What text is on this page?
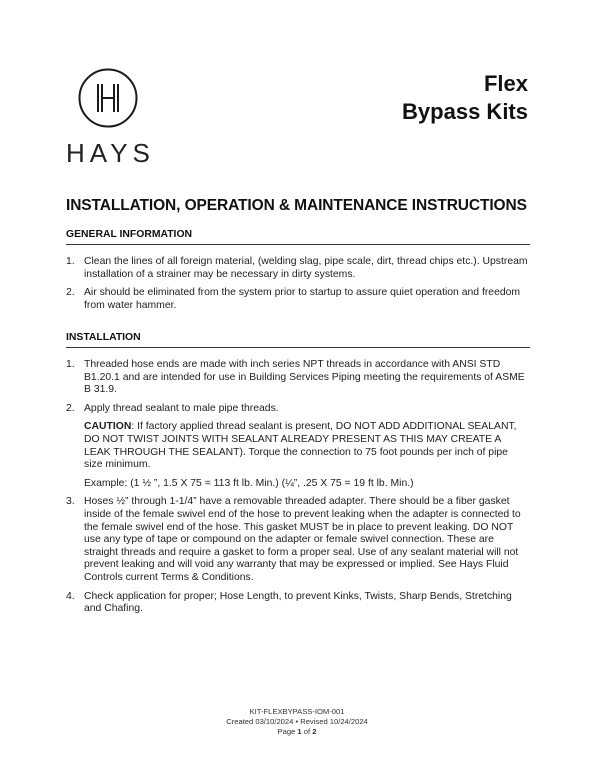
HAYS
Flex
Bypass Kits
INSTALLATION, OPERATION & MAINTENANCE INSTRUCTIONS
GENERAL INFORMATION
1. Clean the lines of all foreign material, (welding slag, pipe scale, dirt, thread chips etc.). Upstream installation of a strainer may be necessary in dirty systems.

2. Air should be eliminated from the system prior to startup to assure quiet operation and freedom from water hammer.

INSTALLATION
1. Threaded hose ends are made with inch series NPT threads in accordance with ANSI STD B1.20.1 and are intended for use in Building Services Piping meeting the requirements of ASME B 31.9.

2. Apply thread sealant to male pipe threads.

CAUTION: If factory applied thread sealant is present, DO NOT ADD ADDITIONAL SEALANT, DO NOT TWIST JOINTS WITH SEALANT ALREADY PRESENT AS THIS MAY CREATE A LEAK THROUGH THE SEALANT). Torque the connection to 75 foot pounds per inch of pipe size minimum.

Example: (1 ½ ”, 1.5 X 75 = 113 ft lb. Min.) (¼”, .25 X 75 = 19 ft lb. Min.)

3. Hoses ½” through 1-1/4” have a removable threaded adapter. There should be a fiber gasket inside of the female swivel end of the hose to prevent leaking when the adapter is connected to the female swivel end of the hose. This gasket MUST be in place to prevent leaking. DO NOT use any type of tape or compound on the adapter or female swivel connection. These are straight threads and require a gasket to form a proper seal. Use of any sealant material will not prevent leaking and will void any warranty that may be expressed or implied. See Hays Fluid Controls current Terms & Conditions.

4. Check application for proper; Hose Length, to prevent Kinks, Twists, Sharp Bends, Stretching and Chafing.

KIT-FLEXBYPASS-IOM-001
Created 03/10/2024 • Revised 10/24/2024
Page 1 of 2
